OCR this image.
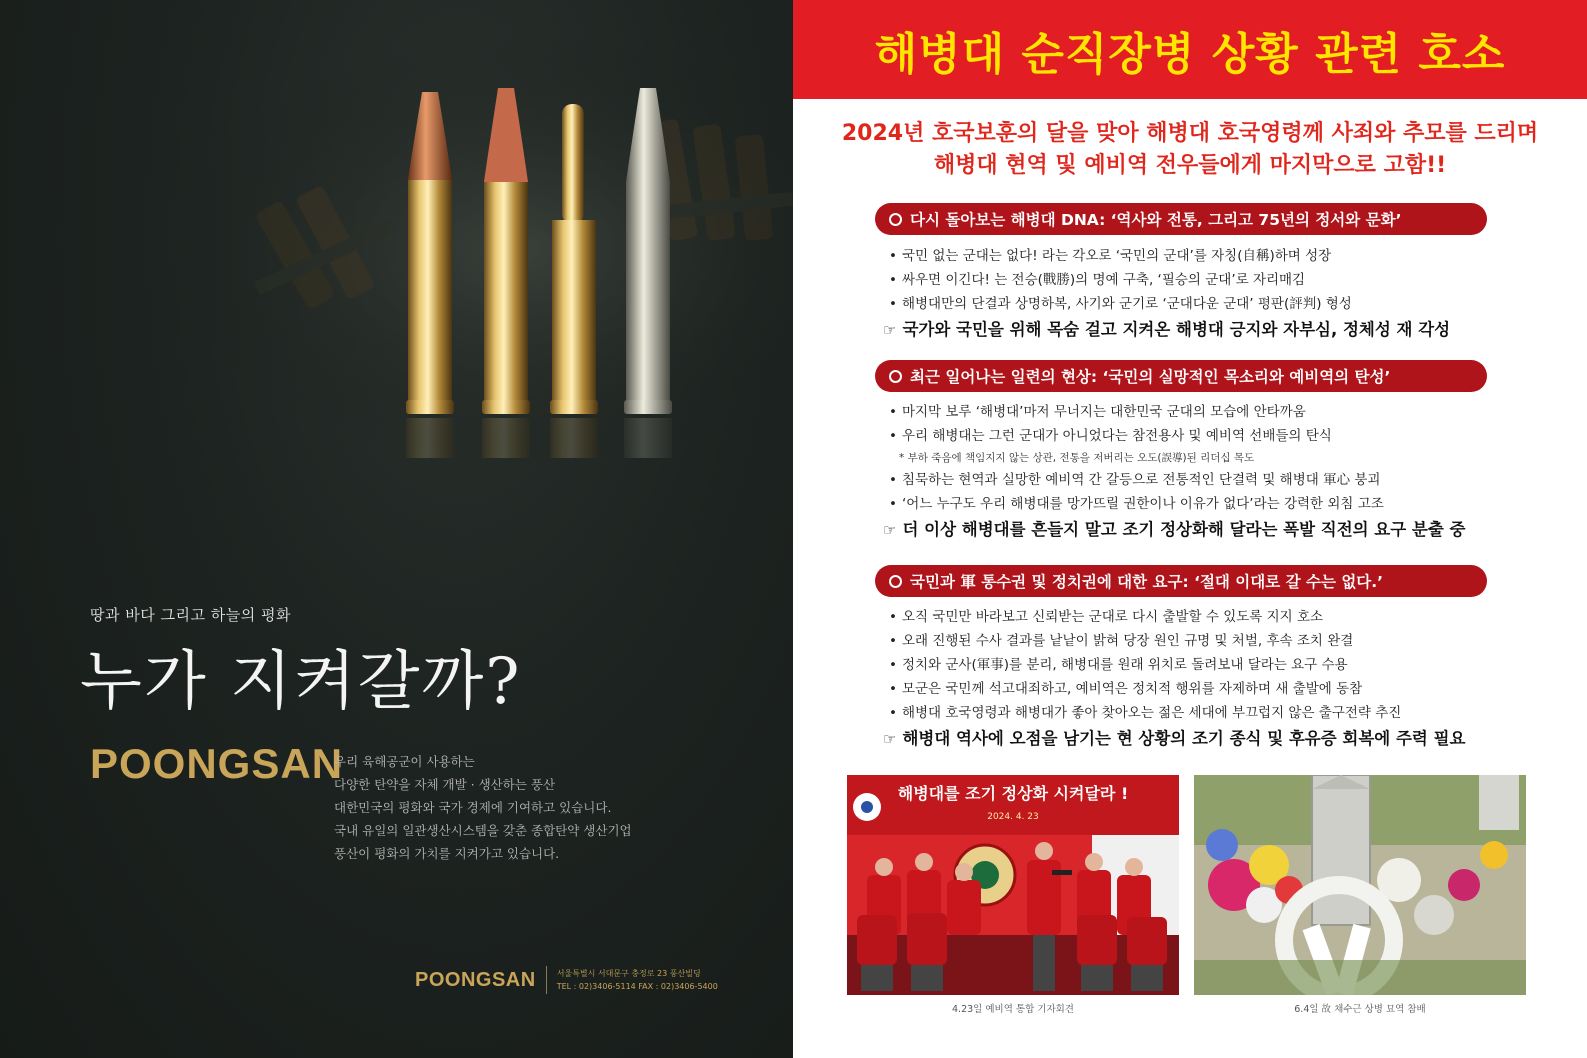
땅과 바다 그리고 하늘의 평화
누가 지켜갈까?
POONGSAN
우리 육해공군이 사용하는
다양한 탄약을 자체 개발 · 생산하는 풍산
대한민국의 평화와 국가 경제에 기여하고 있습니다.
국내 유일의 일관생산시스템을 갖춘 종합탄약 생산기업
풍산이 평화의 가치를 지켜가고 있습니다.
POONGSAN	서울특별시 서대문구 충정로 23 풍산빌딩
TEL : 02)3406-5114 FAX : 02)3406-5400
해병대 순직장병 상황 관련 호소
2024년 호국보훈의 달을 맞아 해병대 호국영령께 사죄와 추모를 드리며
해병대 현역 및 예비역 전우들에게 마지막으로 고함!!
다시 돌아보는 해병대 DNA: ‘역사와 전통, 그리고 75년의 정서와 문화’
• 국민 없는 군대는 없다! 라는 각오로 ‘국민의 군대’를 자칭(自稱)하며 성장
• 싸우면 이긴다! 는 전승(戰勝)의 명예 구축, ‘필승의 군대’로 자리매김
• 해병대만의 단결과 상명하복, 사기와 군기로 ‘군대다운 군대’ 평판(評判) 형성
☞ 국가와 국민을 위해 목숨 걸고 지켜온 해병대 긍지와 자부심, 정체성 재 각성
최근 일어나는 일련의 현상: ‘국민의 실망적인 목소리와 예비역의 탄성’
• 마지막 보루 ‘해병대’마저 무너지는 대한민국 군대의 모습에 안타까움
• 우리 해병대는 그런 군대가 아니었다는 참전용사 및 예비역 선배들의 탄식
* 부하 죽음에 책임지지 않는 상관, 전통을 저버리는 오도(誤導)된 리더십 목도
• 침묵하는 현역과 실망한 예비역 간 갈등으로 전통적인 단결력 및 해병대 軍心 붕괴
• ‘어느 누구도 우리 해병대를 망가뜨릴 권한이나 이유가 없다’라는 강력한 외침 고조
☞ 더 이상 해병대를 흔들지 말고 조기 정상화해 달라는 폭발 직전의 요구 분출 중
국민과 軍 통수권 및 정치권에 대한 요구: ‘절대 이대로 갈 수는 없다.’
• 오직 국민만 바라보고 신뢰받는 군대로 다시 출발할 수 있도록 지지 호소
• 오래 진행된 수사 결과를 낱낱이 밝혀 당장 원인 규명 및 처벌, 후속 조치 완결
• 정치와 군사(軍事)를 분리, 해병대를 원래 위치로 돌려보내 달라는 요구 수용
• 모군은 국민께 석고대죄하고, 예비역은 정치적 행위를 자제하며 새 출발에 동참
• 해병대 호국영령과 해병대가 좋아 찾아오는 젊은 세대에 부끄럽지 않은 출구전략 추진
☞ 해병대 역사에 오점을 남기는 현 상황의 조기 종식 및 후유증 회복에 주력 필요
해병대를 조기 정상화 시켜달라 !
2024. 4. 23
4.23일 예비역 통합 기자회견	6.4일 故 채수근 상병 묘역 참배
